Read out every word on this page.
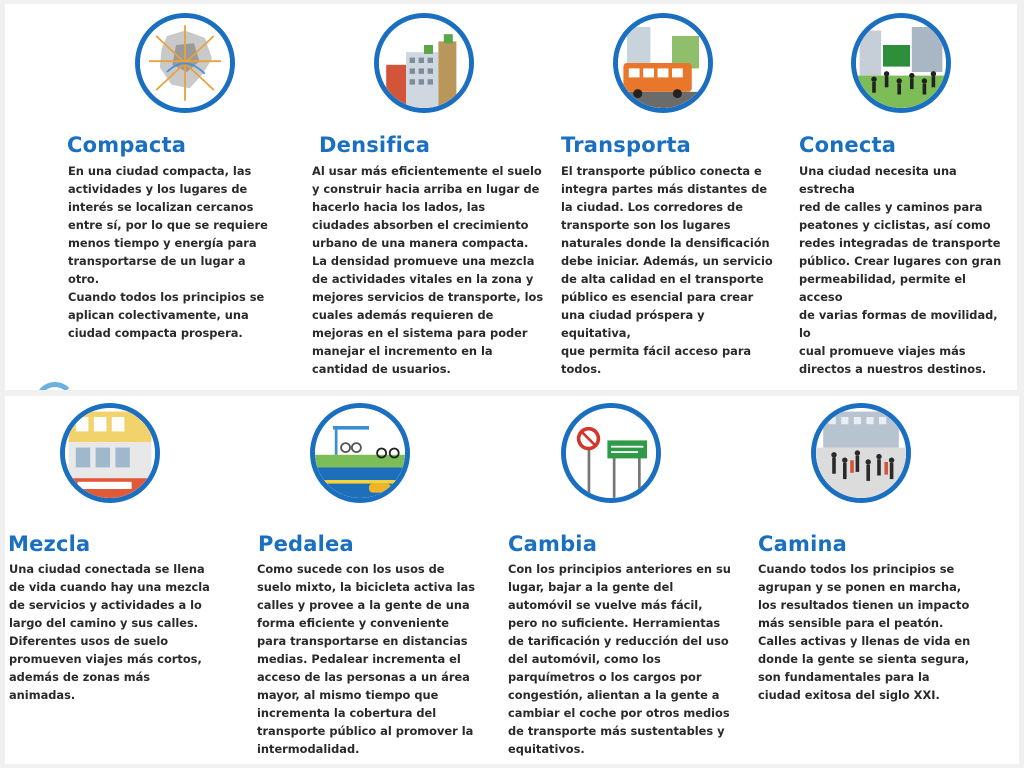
Compacta
En una ciudad compacta, las
actividades y los lugares de
interés se localizan cercanos
entre sí, por lo que se requiere
menos tiempo y energía para
transportarse de un lugar a otro.
Cuando todos los principios se
aplican colectivamente, una
ciudad compacta prospera.
Densifica
Al usar más eficientemente el suelo
y construir hacia arriba en lugar de
hacerlo hacia los lados, las
ciudades absorben el crecimiento
urbano de una manera compacta.
La densidad promueve una mezcla
de actividades vitales en la zona y
mejores servicios de transporte, los
cuales además requieren de
mejoras en el sistema para poder
manejar el incremento en la
cantidad de usuarios.
Transporta
El transporte público conecta e
integra partes más distantes de
la ciudad. Los corredores de
transporte son los lugares
naturales donde la densificación
debe iniciar. Además, un servicio
de alta calidad en el transporte
público es esencial para crear
una ciudad próspera y equitativa,
que permita fácil acceso para
todos.
Conecta
Una ciudad necesita una estrecha
red de calles y caminos para
peatones y ciclistas, así como
redes integradas de transporte
público. Crear lugares con gran
permeabilidad, permite el acceso
de varias formas de movilidad, lo
cual promueve viajes más
directos a nuestros destinos.
Mezcla
Una ciudad conectada se llena
de vida cuando hay una mezcla
de servicios y actividades a lo
largo del camino y sus calles.
Diferentes usos de suelo
promueven viajes más cortos,
además de zonas más
animadas.
Pedalea
Como sucede con los usos de
suelo mixto, la bicicleta activa las
calles y provee a la gente de una
forma eficiente y conveniente
para transportarse en distancias
medias. Pedalear incrementa el
acceso de las personas a un área
mayor, al mismo tiempo que
incrementa la cobertura del
transporte público al promover la
intermodalidad.
Cambia
Con los principios anteriores en su
lugar, bajar a la gente del
automóvil se vuelve más fácil,
pero no suficiente. Herramientas
de tarificación y reducción del uso
del automóvil, como los
parquímetros o los cargos por
congestión, alientan a la gente a
cambiar el coche por otros medios
de transporte más sustentables y
equitativos.
Camina
Cuando todos los principios se
agrupan y se ponen en marcha,
los resultados tienen un impacto
más sensible para el peatón.
Calles activas y llenas de vida en
donde la gente se sienta segura,
son fundamentales para la
ciudad exitosa del siglo XXI.
